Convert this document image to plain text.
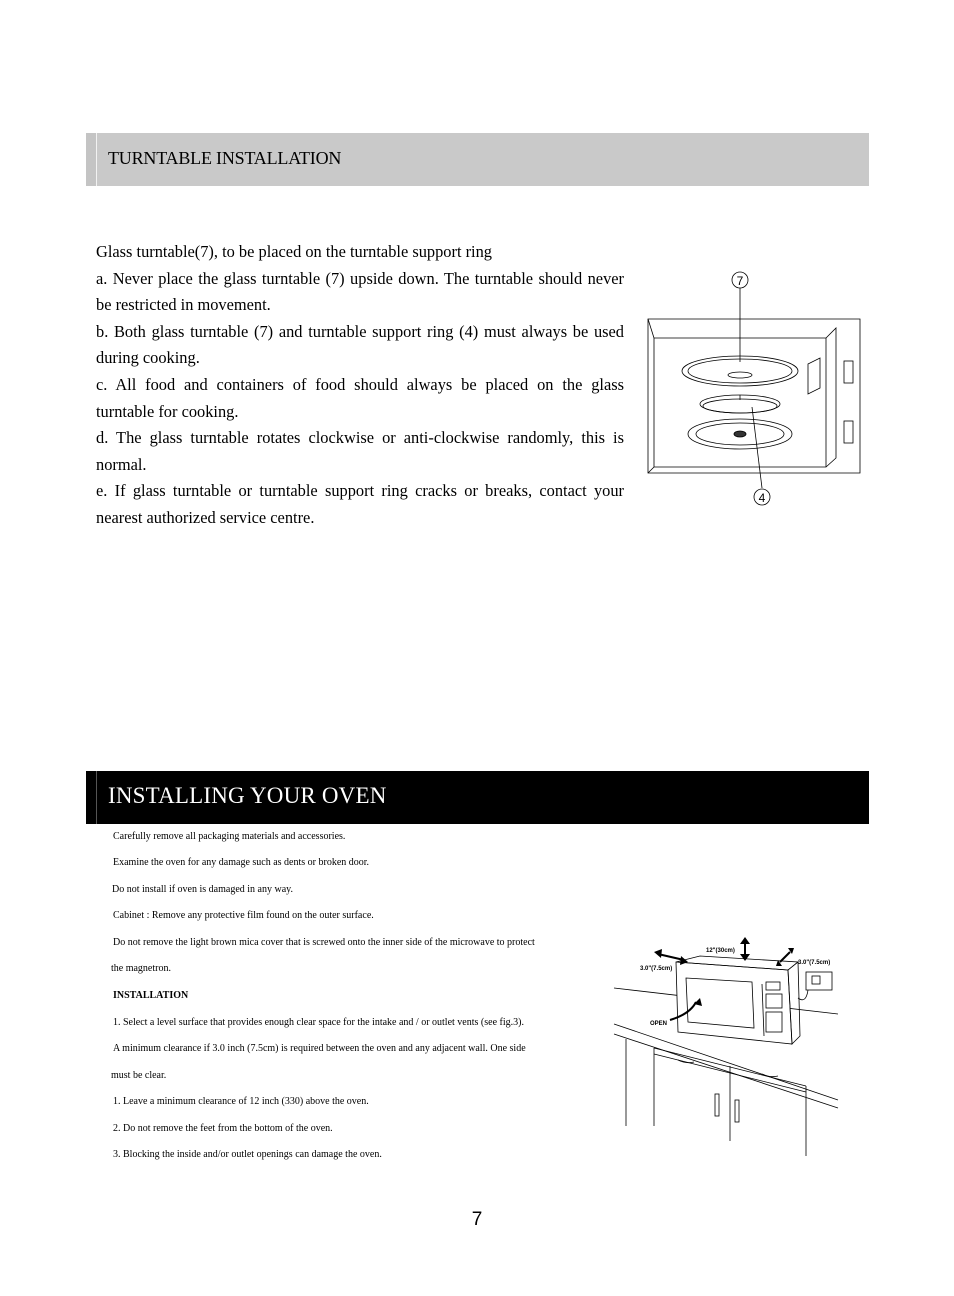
TURNTABLE INSTALLATION

Glass turntable(7), to be placed on the turntable support ring

a. Never place the glass turntable (7) upside down. The turntable should never be restricted in movement.

b. Both glass turntable (7) and turntable support ring (4) must always be used during cooking.

c. All food and containers of food should always be placed on the glass turntable for cooking.

d. The glass turntable rotates clockwise or anti-clockwise randomly, this is normal.

e. If glass turntable or turntable support ring cracks or breaks, contact your nearest authorized service centre.

7
4
INSTALLING YOUR OVEN
Carefully remove all packaging materials and accessories.
Examine the oven for any damage such as dents or broken door.
Do not install if oven is damaged in any way.
Cabinet : Remove any protective film found on the outer surface.
Do not remove the light brown mica cover that is screwed onto the inner side of the microwave to protect
the magnetron.
INSTALLATION
1. Select a level surface that provides enough clear space for the intake and / or outlet vents (see fig.3).
A minimum clearance if 3.0 inch (7.5cm) is required between the oven and any adjacent wall. One side
must be clear.
1. Leave a minimum clearance of 12 inch (330) above the oven.
2. Do not remove the feet from the bottom of the oven.
3. Blocking the inside and/or outlet openings can damage the oven.
12"(30cm)
3.0"(7.5cm)
3.0"(7.5cm)
OPEN
7
